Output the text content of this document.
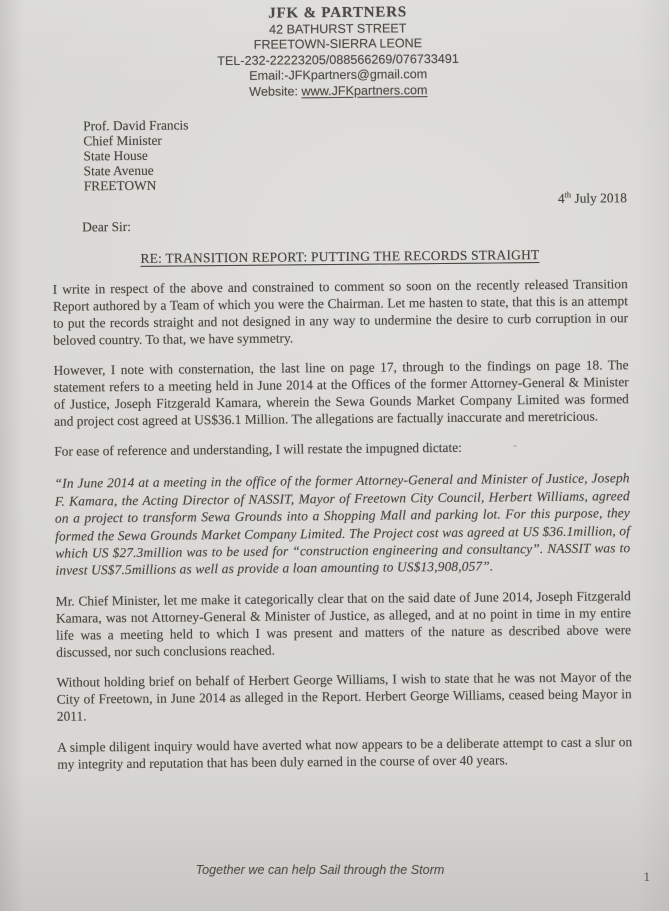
JFK & PARTNERS
42 BATHURST STREET
FREETOWN-SIERRA LEONE
TEL-232-22223205/088566269/076733491
Email:-JFKpartners@gmail.com
Website: www.JFKpartners.com
Prof. David Francis
Chief Minister
State House
State Avenue
FREETOWN
4th July 2018
Dear Sir:
RE: TRANSITION REPORT: PUTTING THE RECORDS STRAIGHT

I write in respect of the above and constrained to comment so soon on the recently released Transition Report authored by a Team of which you were the Chairman. Let me hasten to state, that this is an attempt to put the records straight and not designed in any way to undermine the desire to curb corruption in our beloved country. To that, we have symmetry.

However, I note with consternation, the last line on page 17, through to the findings on page 18. The statement refers to a meeting held in June 2014 at the Offices of the former Attorney-General & Minister of Justice, Joseph Fitzgerald Kamara, wherein the Sewa Gounds Market Company Limited was formed and project cost agreed at US$36.1 Million. The allegations are factually inaccurate and meretricious.

For ease of reference and understanding, I will restate the impugned dictate:

“In June 2014 at a meeting in the office of the former Attorney-General and Minister of Justice, Joseph F. Kamara, the Acting Director of NASSIT, Mayor of Freetown City Council, Herbert Williams, agreed on a project to transform Sewa Grounds into a Shopping Mall and parking lot. For this purpose, they formed the Sewa Grounds Market Company Limited. The Project cost was agreed at US $36.1million, of which US $27.3million was to be used for “construction engineering and consultancy”. NASSIT was to invest US$7.5millions as well as provide a loan amounting to US$13,908,057”.

Mr. Chief Minister, let me make it categorically clear that on the said date of June 2014, Joseph Fitzgerald Kamara, was not Attorney-General & Minister of Justice, as alleged, and at no point in time in my entire life was a meeting held to which I was present and matters of the nature as described above were discussed, nor such conclusions reached.

Without holding brief on behalf of Herbert George Williams, I wish to state that he was not Mayor of the City of Freetown, in June 2014 as alleged in the Report. Herbert George Williams, ceased being Mayor in 2011.

A simple diligent inquiry would have averted what now appears to be a deliberate attempt to cast a slur on my integrity and reputation that has been duly earned in the course of over 40 years.

Together we can help Sail through the Storm	1
